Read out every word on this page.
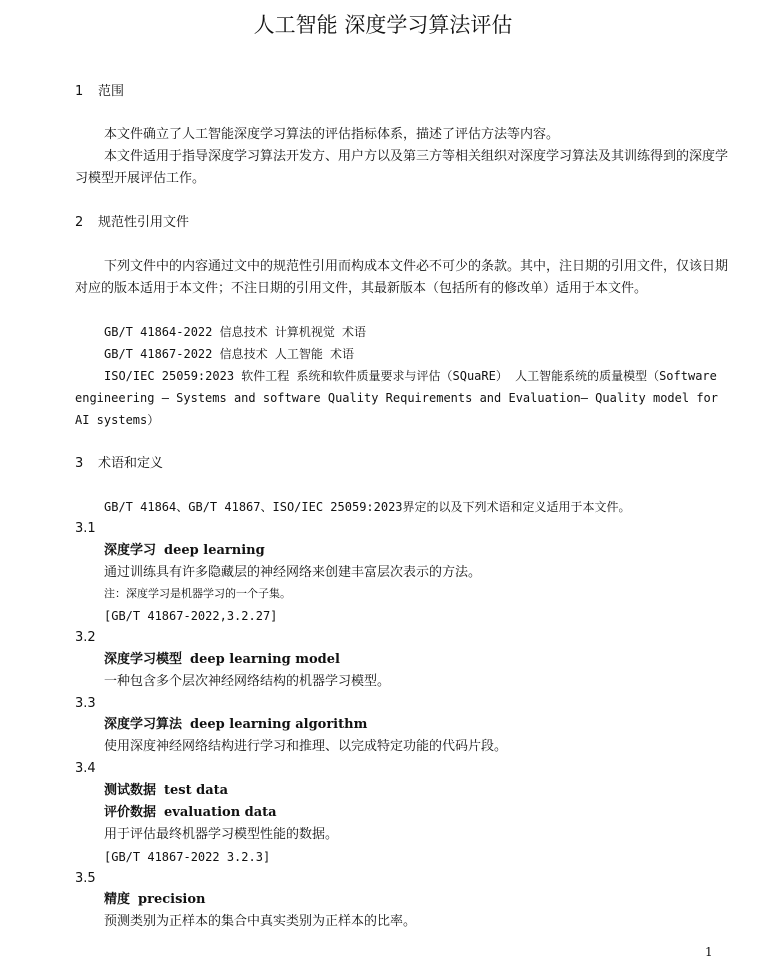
人工智能 深度学习算法评估
1 范围
本文件确立了人工智能深度学习算法的评估指标体系，描述了评估方法等内容。
本文件适用于指导深度学习算法开发方、用户方以及第三方等相关组织对深度学习算法及其训练得到的深度学习模型开展评估工作。
2 规范性引用文件
下列文件中的内容通过文中的规范性引用而构成本文件必不可少的条款。其中，注日期的引用文件，仅该日期对应的版本适用于本文件；不注日期的引用文件，其最新版本（包括所有的修改单）适用于本文件。
GB/T 41864-2022 信息技术 计算机视觉 术语
GB/T 41867-2022 信息技术 人工智能 术语
ISO/IEC 25059:2023 软件工程 系统和软件质量要求与评估（SQuaRE） 人工智能系统的质量模型（Software engineering — Systems and software Quality Requirements and Evaluation— Quality model for AI systems）
3 术语和定义
GB/T 41864、GB/T 41867、ISO/IEC 25059:2023界定的以及下列术语和定义适用于本文件。
3.1
深度学习 deep learning
通过训练具有许多隐藏层的神经网络来创建丰富层次表示的方法。
注：深度学习是机器学习的一个子集。
[GB/T 41867-2022,3.2.27]
3.2
深度学习模型 deep learning model
一种包含多个层次神经网络结构的机器学习模型。
3.3
深度学习算法 deep learning algorithm
使用深度神经网络结构进行学习和推理、以完成特定功能的代码片段。
3.4
测试数据 test data
评价数据 evaluation data
用于评估最终机器学习模型性能的数据。
[GB/T 41867-2022 3.2.3]
3.5
精度 precision
预测类别为正样本的集合中真实类别为正样本的比率。
1
